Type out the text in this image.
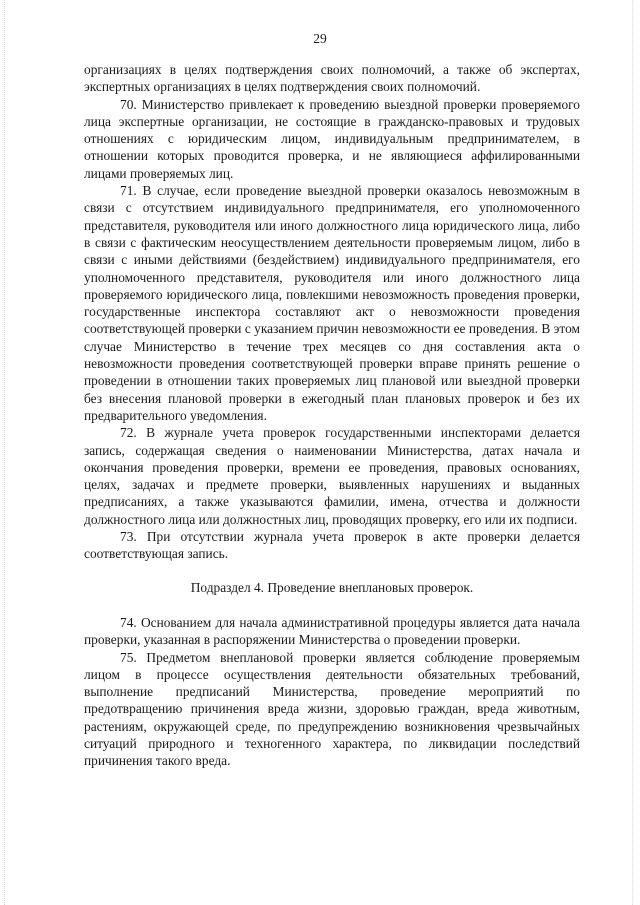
29

организациях в целях подтверждения своих полномочий, а также об экспертах, экспертных организациях в целях подтверждения своих полномочий.

70. Министерство привлекает к проведению выездной проверки проверяемого лица экспертные организации, не состоящие в гражданско-правовых и трудовых отношениях с юридическим лицом, индивидуальным предпринимателем, в отношении которых проводится проверка, и не являющиеся аффилированными лицами проверяемых лиц.

71. В случае, если проведение выездной проверки оказалось невозможным в связи с отсутствием индивидуального предпринимателя, его уполномоченного представителя, руководителя или иного должностного лица юридического лица, либо в связи с фактическим неосуществлением деятельности проверяемым лицом, либо в связи с иными действиями (бездействием) индивидуального предпринимателя, его уполномоченного представителя, руководителя или иного должностного лица проверяемого юридического лица, повлекшими невозможность проведения проверки, государственные инспектора составляют акт о невозможности проведения соответствующей проверки с указанием причин невозможности ее проведения. В этом случае Министерство в течение трех месяцев со дня составления акта о невозможности проведения соответствующей проверки вправе принять решение о проведении в отношении таких проверяемых лиц плановой или выездной проверки без внесения плановой проверки в ежегодный план плановых проверок и без их предварительного уведомления.

72. В журнале учета проверок государственными инспекторами делается запись, содержащая сведения о наименовании Министерства, датах начала и окончания проведения проверки, времени ее проведения, правовых основаниях, целях, задачах и предмете проверки, выявленных нарушениях и выданных предписаниях, а также указываются фамилии, имена, отчества и должности должностного лица или должностных лиц, проводящих проверку, его или их подписи.

73. При отсутствии журнала учета проверок в акте проверки делается соответствующая запись.

Подраздел 4. Проведение внеплановых проверок.

74. Основанием для начала административной процедуры является дата начала проверки, указанная в распоряжении Министерства о проведении проверки.

75. Предметом внеплановой проверки является соблюдение проверяемым лицом в процессе осуществления деятельности обязательных требований, выполнение предписаний Министерства, проведение мероприятий по предотвращению причинения вреда жизни, здоровью граждан, вреда животным, растениям, окружающей среде, по предупреждению возникновения чрезвычайных ситуаций природного и техногенного характера, по ликвидации последствий причинения такого вреда.
